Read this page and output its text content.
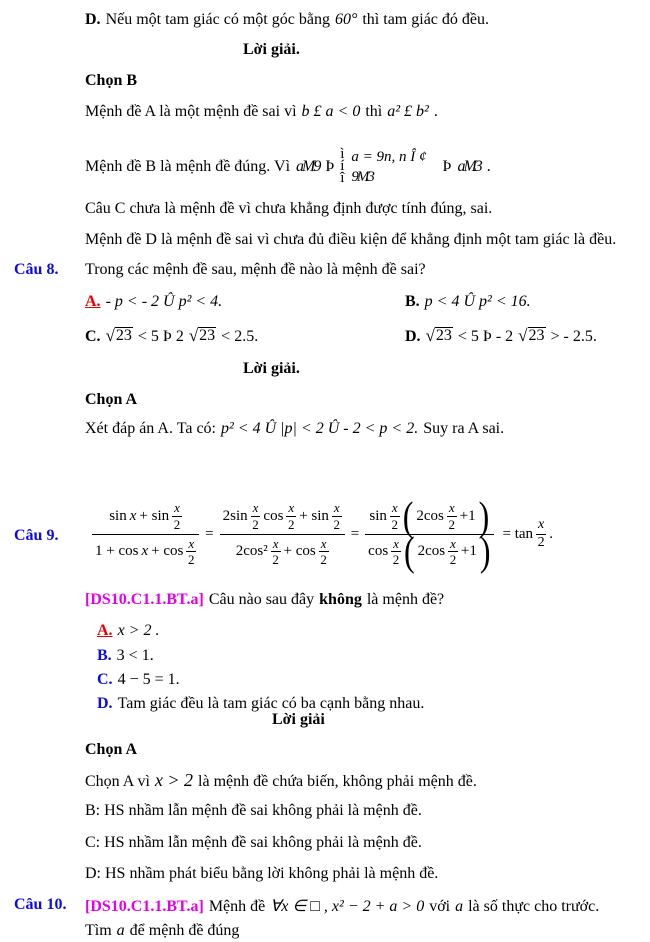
D. Nếu một tam giác có một góc bằng 60° thì tam giác đó đều.
Lời giải.
Chọn B
Mệnh đề A là một mệnh đề sai vì b £ a < 0 thì a² £ b² .
Mệnh đề B là mệnh đề đúng. Vì aM9 Þ
ì
í
î
a = 9n, n Î ¢
9M3
Þ aM3 .
Câu C chưa là mệnh đề vì chưa khẳng định được tính đúng, sai.
Mệnh đề D là mệnh đề sai vì chưa đủ điều kiện để khẳng định một tam giác là đều.
Câu 8. Trong các mệnh đề sau, mệnh đề nào là mệnh đề sai?
A. - p < - 2 Û p² < 4.	B. p < 4 Û p² < 16.
C. √ 23 < 5 Þ 2 √ 23 < 2.5.	D. √ 23 < 5 Þ - 2 √ 23 > - 2.5.
Lời giải.
Chọn A
Xét đáp án A. Ta có: p² < 4 Û |p| < 2 Û - 2 < p < 2. Suy ra A sai.
Câu 9. sin x + sin
x
2
1 + cos x + cos
x
2 =
2sin
x
2
cos
x
2
+ sin
x
2
2cos²
x
2
+ cos
x
2
=
sin
x
2 ( 2cos
x
2
+1 )
cos
x
2 ( 2cos
x
2
+1 ) = tan
x
2
.
[DS10.C1.1.BT.a] Câu nào sau đây không là mệnh đề?
A. x > 2 .
B. 3 < 1.
C. 4 − 5 = 1.
D. Tam giác đều là tam giác có ba cạnh bằng nhau.
Lời giải
Chọn A
Chọn A vì x > 2 là mệnh đề chứa biến, không phải mệnh đề.
B: HS nhầm lẫn mệnh đề sai không phải là mệnh đề.
C: HS nhầm lẫn mệnh đề sai không phải là mệnh đề.
D: HS nhầm phát biểu bằng lời không phải là mệnh đề.
Câu 10. [DS10.C1.1.BT.a] Mệnh đề ∀x ∈ □ , x² − 2 + a > 0 với a là số thực cho trước.
Tìm a để mệnh đề đúng
